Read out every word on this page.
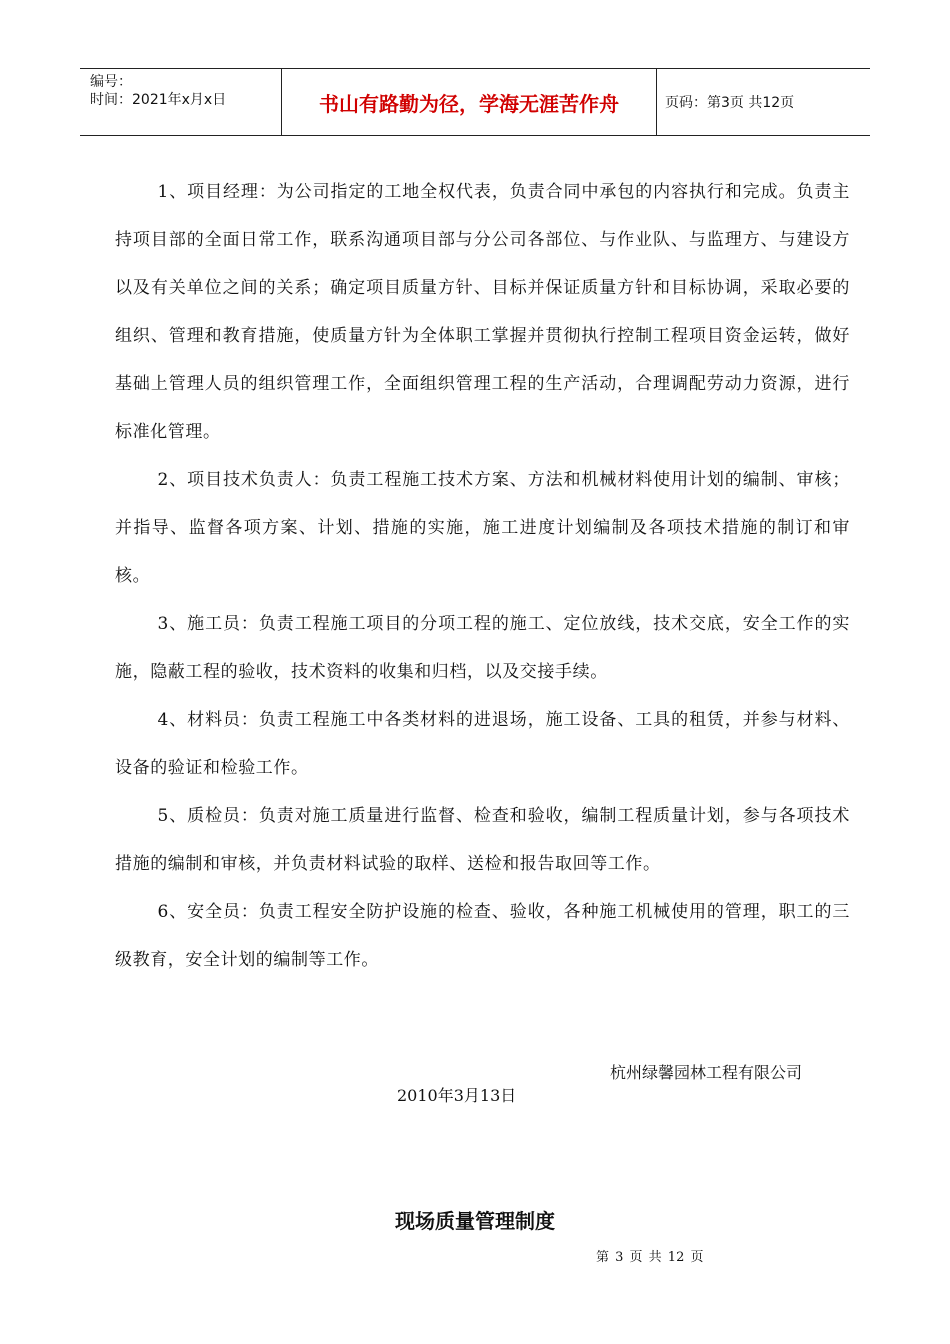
编号：
时间：2021年x月x日	书山有路勤为径，学海无涯苦作舟	页码：第3页 共12页

1、项目经理：为公司指定的工地全权代表，负责合同中承包的内容执行和完成。负责主持项目部的全面日常工作，联系沟通项目部与分公司各部位、与作业队、与监理方、与建设方以及有关单位之间的关系；确定项目质量方针、目标并保证质量方针和目标协调，采取必要的组织、管理和教育措施，使质量方针为全体职工掌握并贯彻执行控制工程项目资金运转，做好基础上管理人员的组织管理工作，全面组织管理工程的生产活动，合理调配劳动力资源，进行标准化管理。

2、项目技术负责人：负责工程施工技术方案、方法和机械材料使用计划的编制、审核；并指导、监督各项方案、计划、措施的实施，施工进度计划编制及各项技术措施的制订和审核。

3、施工员：负责工程施工项目的分项工程的施工、定位放线，技术交底，安全工作的实施，隐蔽工程的验收，技术资料的收集和归档，以及交接手续。

4、材料员：负责工程施工中各类材料的进退场，施工设备、工具的租赁，并参与材料、设备的验证和检验工作。

5、质检员：负责对施工质量进行监督、检查和验收，编制工程质量计划，参与各项技术措施的编制和审核，并负责材料试验的取样、送检和报告取回等工作。

6、安全员：负责工程安全防护设施的检查、验收，各种施工机械使用的管理，职工的三级教育，安全计划的编制等工作。

杭州绿馨园林工程有限公司
2010年3月13日
现场质量管理制度
第 3 页 共 12 页
